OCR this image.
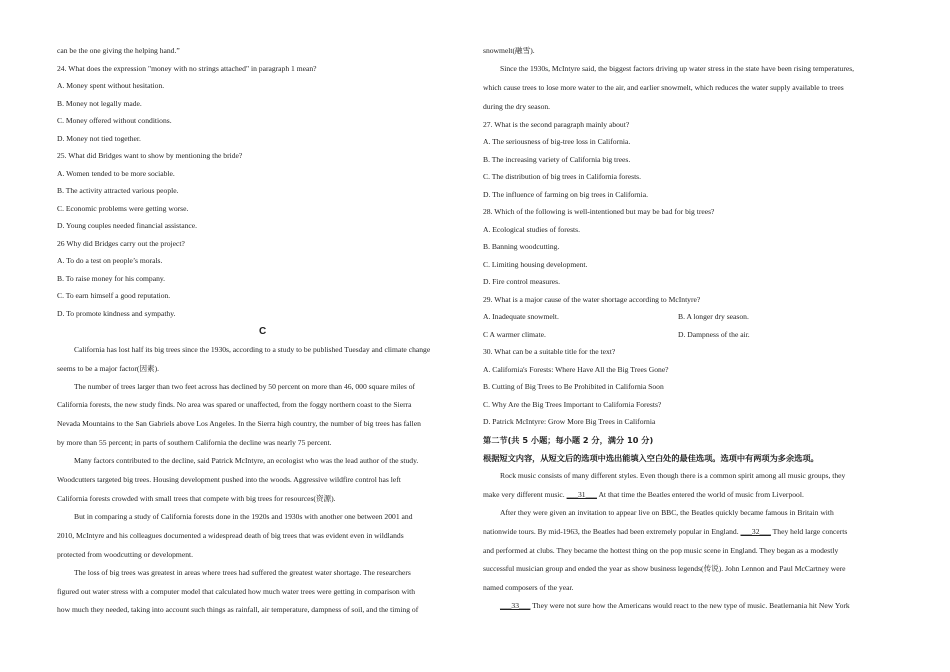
can be the one giving the helping hand.”
24. What does the expression "money with no strings attached" in paragraph 1 mean?
A. Money spent without hesitation.
B. Money not legally made.
C. Money offered without conditions.
D. Money not tied together.
25. What did Bridges want to show by mentioning the bride?
A. Women tended to be more sociable.
B. The activity attracted various people.
C. Economic problems were getting worse.
D. Young couples needed financial assistance.
26 Why did Bridges carry out the project?
A. To do a test on people’s morals.
B. To raise money for his company.
C. To earn himself a good reputation.
D. To promote kindness and sympathy.
C
California has lost half its big trees since the 1930s, according to a study to be published Tuesday and climate change
seems to be a major factor(因素).
The number of trees larger than two feet across has declined by 50 percent on more than 46, 000 square miles of
California forests, the new study finds. No area was spared or unaffected, from the foggy northern coast to the Sierra
Nevada Mountains to the San Gabriels above Los Angeles. In the Sierra high country, the number of big trees has fallen
by more than 55 percent; in parts of southern California the decline was nearly 75 percent.
Many factors contributed to the decline, said Patrick McIntyre, an ecologist who was the lead author of the study.
Woodcutters targeted big trees. Housing development pushed into the woods. Aggressive wildfire control has left
California forests crowded with small trees that compete with big trees for resources(资源).
But in comparing a study of California forests done in the 1920s and 1930s with another one between 2001 and
2010, McIntyre and his colleagues documented a widespread death of big trees that was evident even in wildlands
protected from woodcutting or development.
The loss of big trees was greatest in areas where trees had suffered the greatest water shortage. The researchers
figured out water stress with a computer model that calculated how much water trees were getting in comparison with
how much they needed, taking into account such things as rainfall, air temperature, dampness of soil, and the timing of
snowmelt(融雪).
Since the 1930s, McIntyre said, the biggest factors driving up water stress in the state have been rising temperatures,
which cause trees to lose more water to the air, and earlier snowmelt, which reduces the water supply available to trees
during the dry season.
27. What is the second paragraph mainly about?
A. The seriousness of big-tree loss in California.
B. The increasing variety of California big trees.
C. The distribution of big trees in California forests.
D. The influence of farming on big trees in California.
28. Which of the following is well-intentioned but may be bad for big trees?
A. Ecological studies of forests.
B. Banning woodcutting.
C. Limiting housing development.
D. Fire control measures.
29. What is a major cause of the water shortage according to McIntyre?
A. Inadequate snowmelt.	B. A longer dry season.
C A warmer climate.	D. Dampness of the air.
30. What can be a suitable title for the text?
A. California's Forests: Where Have All the Big Trees Gone?
B. Cutting of Big Trees to Be Prohibited in California Soon
C. Why Are the Big Trees Important to California Forests?
D. Patrick McIntyre: Grow More Big Trees in California
第二节(共 5 小题；每小题 2 分，满分 10 分)
根据短文内容，从短文后的选项中选出能填入空白处的最佳选项。选项中有两项为多余选项。
Rock music consists of many different styles. Even though there is a common spirit among all music groups, they
make very different music. ___31___ At that time the Beatles entered the world of music from Liverpool.
After they were given an invitation to appear live on BBC, the Beatles quickly became famous in Britain with
nationwide tours. By mid-1963, the Beatles had been extremely popular in England. ___32___ They held large concerts
and performed at clubs. They became the hottest thing on the pop music scene in England. They began as a modestly
successful musician group and ended the year as show business legends(传说). John Lennon and Paul McCartney were
named composers of the year.
___33___ They were not sure how the Americans would react to the new type of music. Beatlemania hit New York
